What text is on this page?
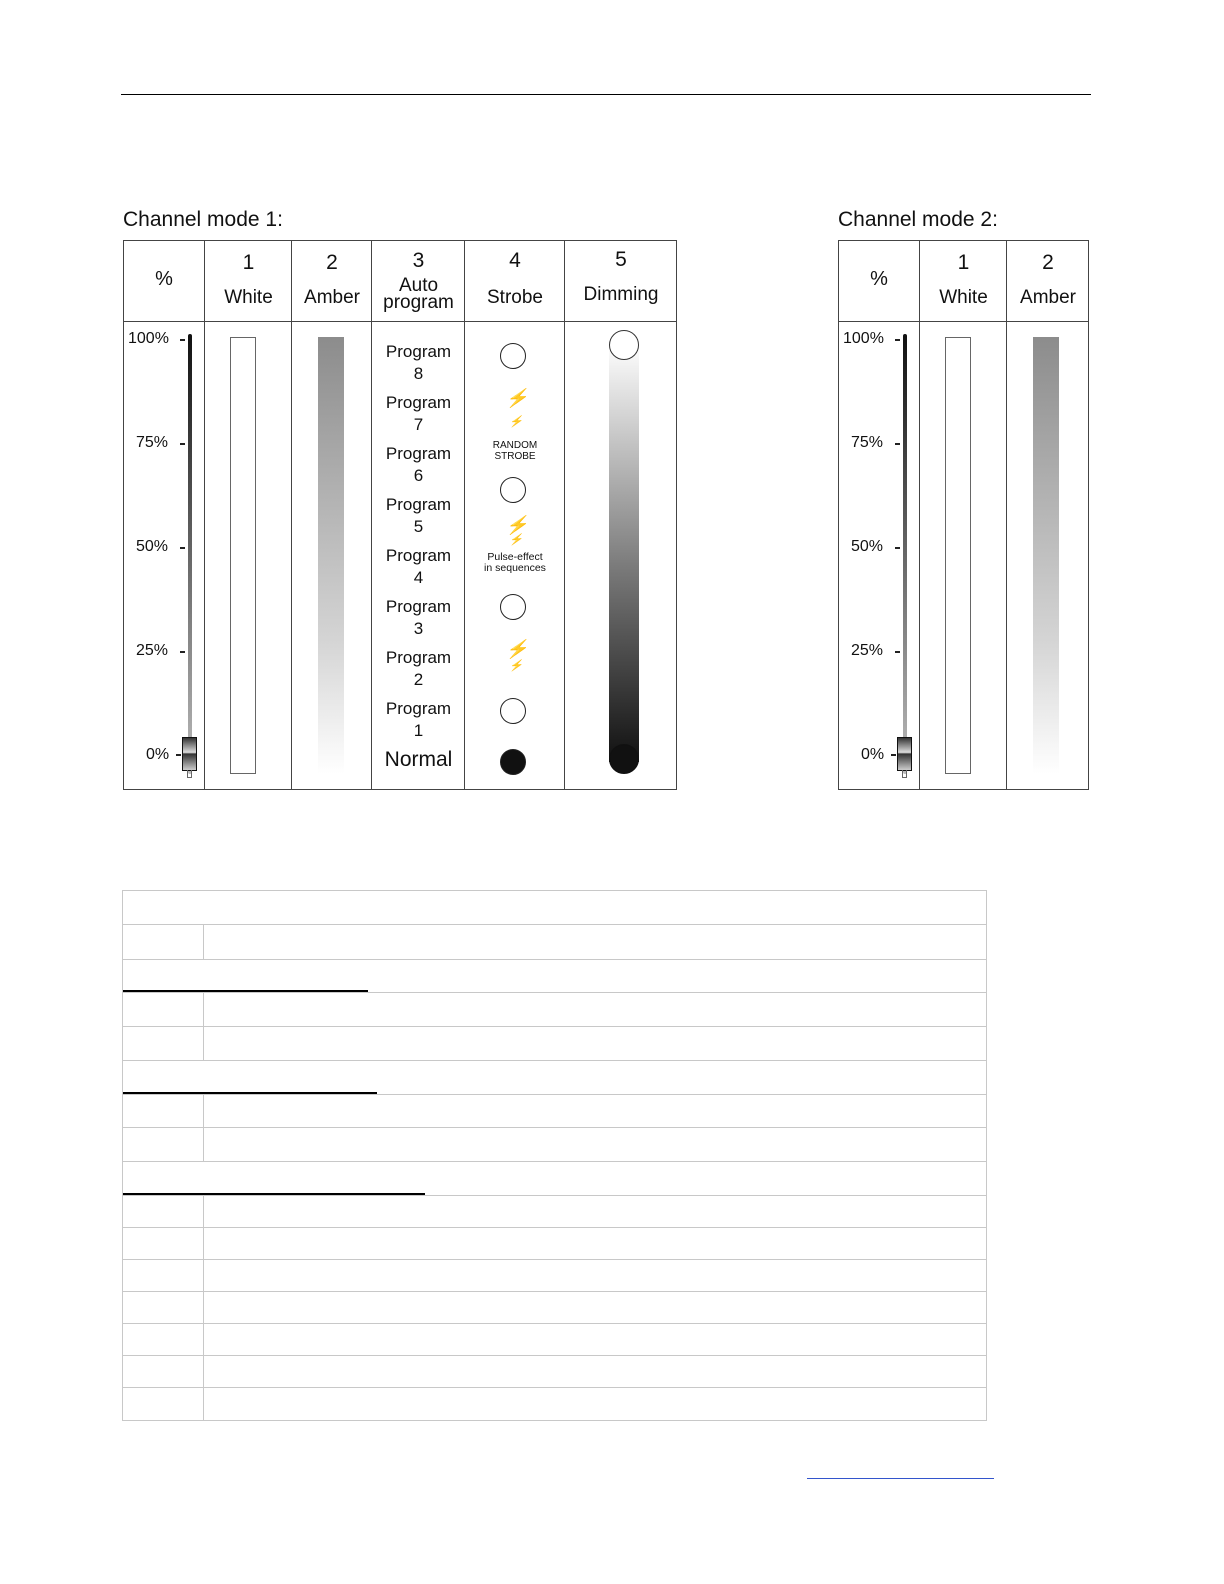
Channel mode 1:
%
100%
75%
50%
25%
0%
1
White
2
Amber
3
Auto
program
Program
8
Program
7
Program
6
Program
5
Program
4
Program
3
Program
2
Program
1
Normal
4
Strobe
⚡
⚡
RANDOM
STROBE
⚡
⚡
Pulse-effect
in sequences
⚡
⚡
5
Dimming
Channel mode 2:
%
100%
75%
50%
25%
0%
1
White
2
Amber
